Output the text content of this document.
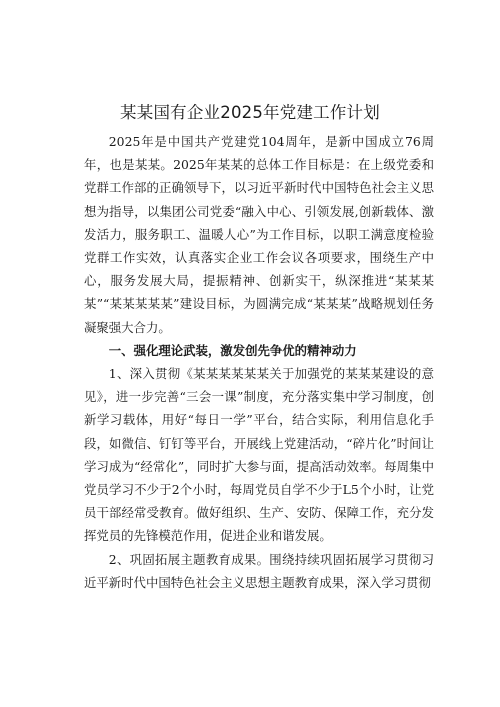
某某国有企业2025年党建工作计划

2025年是中国共产党建党104周年，是新中国成立76周年，也是某某。2025年某某的总体工作目标是：在上级党委和党群工作部的正确领导下，以习近平新时代中国特色社会主义思想为指导，以集团公司党委“融入中心、引领发展,创新载体、激发活力，服务职工、温暖人心”为工作目标，以职工满意度检验党群工作实效，认真落实企业工作会议各项要求，围绕生产中心，服务发展大局，提振精神、创新实干，纵深推进“某某某某”“某某某某某”建设目标，为圆满完成“某某某”战略规划任务凝聚强大合力。

一、强化理论武装，激发创先争优的精神动力

1、深入贯彻《某某某某某某关于加强党的某某某建设的意见》，进一步完善“三会一课”制度，充分落实集中学习制度，创新学习载体，用好“每日一学”平台，结合实际，利用信息化手段，如微信、钉钉等平台，开展线上党建活动，“碎片化”时间让学习成为“经常化”，同时扩大参与面，提高活动效率。每周集中党员学习不少于2个小时，每周党员自学不少于L5个小时，让党员干部经常受教育。做好组织、生产、安防、保障工作，充分发挥党员的先锋模范作用，促进企业和谐发展。

2、巩固拓展主题教育成果。围绕持续巩固拓展学习贯彻习近平新时代中国特色社会主义思想主题教育成果，深入学习贯彻
